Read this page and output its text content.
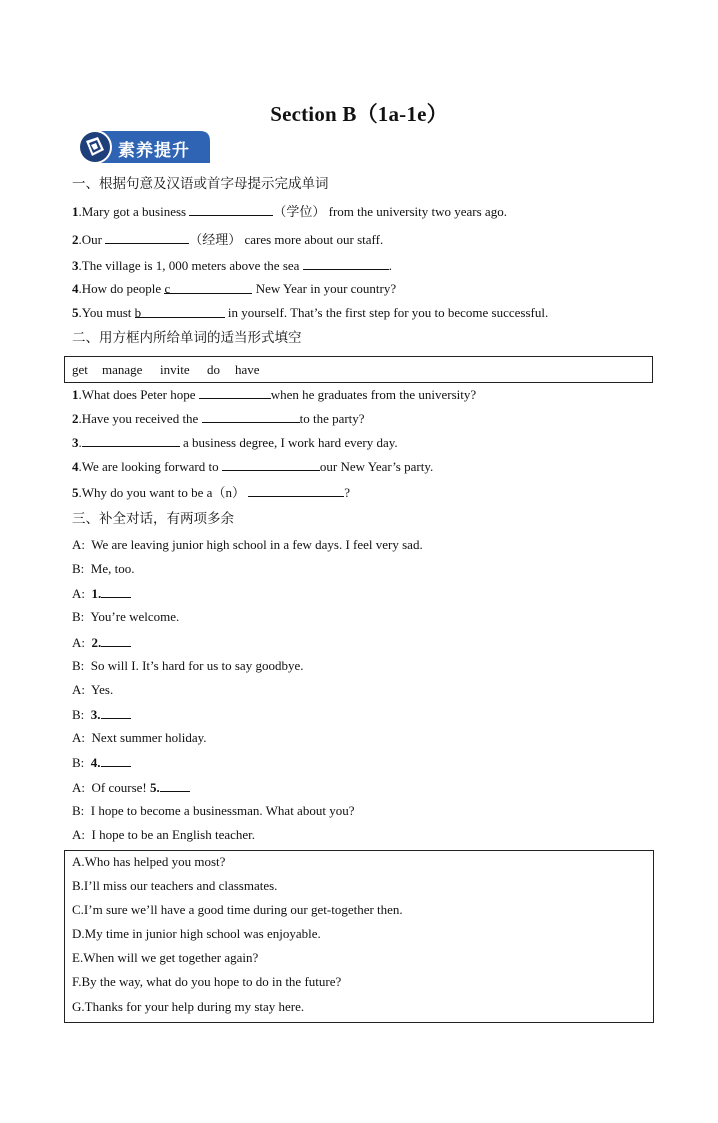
Section B（1a-1e）
素养提升
一、根据句意及汉语或首字母提示完成单词
1.Mary got a business	（学位） from the university two years ago.
2.Our	（经理） cares more about our staff.
3.The village is 1, 000 meters above the sea	.
4.How do people c	New Year in your country?
5.You must b	in yourself. That’s the first step for you to become successful.
二、用方框内所给单词的适当形式填空
get manage invite do have
1.What does Peter hope	when he graduates from the university?
2.Have you received the	to the party?
3.	a business degree, I work hard every day.
4.We are looking forward to	our New Year’s party.
5.Why do you want to be a（n）	?
三、补全对话，有两项多余
A: We are leaving junior high school in a few days. I feel very sad.
B: Me, too.
A: 1.
B: You’re welcome.
A: 2.
B: So will I. It’s hard for us to say goodbye.
A: Yes.
B: 3.
A: Next summer holiday.
B: 4.
A: Of course! 5.
B: I hope to become a businessman. What about you?
A: I hope to be an English teacher.
A.Who has helped you most?
B.I’ll miss our teachers and classmates.
C.I’m sure we’ll have a good time during our get-together then.
D.My time in junior high school was enjoyable.
E.When will we get together again?
F.By the way, what do you hope to do in the future?
G.Thanks for your help during my stay here.
